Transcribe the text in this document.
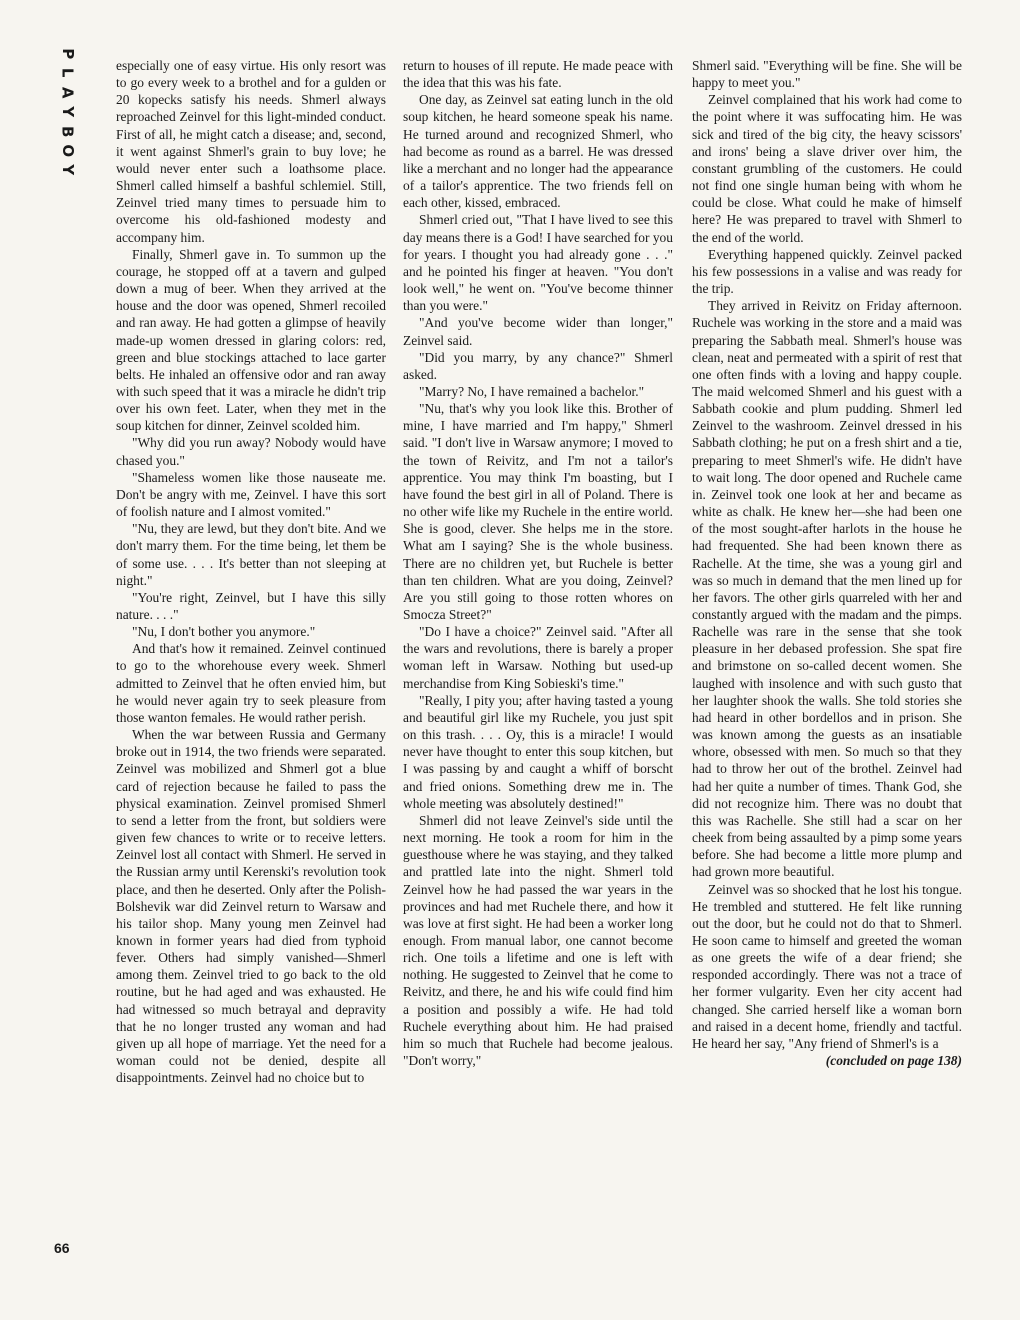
P
L
A
Y
B
O
Y

especially one of easy virtue. His only resort was to go every week to a brothel and for a gulden or 20 kopecks satisfy his needs. Shmerl always reproached Zeinvel for this light-minded conduct. First of all, he might catch a disease; and, second, it went against Shmerl's grain to buy love; he would never enter such a loathsome place. Shmerl called himself a bashful schlemiel. Still, Zeinvel tried many times to persuade him to overcome his old-fashioned modesty and accompany him.

Finally, Shmerl gave in. To summon up the courage, he stopped off at a tavern and gulped down a mug of beer. When they arrived at the house and the door was opened, Shmerl recoiled and ran away. He had gotten a glimpse of heavily made-up women dressed in glaring colors: red, green and blue stockings attached to lace garter belts. He inhaled an offensive odor and ran away with such speed that it was a miracle he didn't trip over his own feet. Later, when they met in the soup kitchen for dinner, Zeinvel scolded him.

"Why did you run away? Nobody would have chased you."

"Shameless women like those nauseate me. Don't be angry with me, Zeinvel. I have this sort of foolish nature and I almost vomited."

"Nu, they are lewd, but they don't bite. And we don't marry them. For the time being, let them be of some use. . . . It's better than not sleeping at night."

"You're right, Zeinvel, but I have this silly nature. . . ."

"Nu, I don't bother you anymore."

And that's how it remained. Zeinvel continued to go to the whorehouse every week. Shmerl admitted to Zeinvel that he often envied him, but he would never again try to seek pleasure from those wanton females. He would rather perish.

When the war between Russia and Germany broke out in 1914, the two friends were separated. Zeinvel was mobilized and Shmerl got a blue card of rejection because he failed to pass the physical examination. Zeinvel promised Shmerl to send a letter from the front, but soldiers were given few chances to write or to receive letters. Zeinvel lost all contact with Shmerl. He served in the Russian army until Kerenski's revolution took place, and then he deserted. Only after the Polish-Bolshevik war did Zeinvel return to Warsaw and his tailor shop. Many young men Zeinvel had known in former years had died from typhoid fever. Others had simply vanished—Shmerl among them. Zeinvel tried to go back to the old routine, but he had aged and was exhausted. He had witnessed so much betrayal and depravity that he no longer trusted any woman and had given up all hope of marriage. Yet the need for a woman could not be denied, despite all disappointments. Zeinvel had no choice but to

return to houses of ill repute. He made peace with the idea that this was his fate.

One day, as Zeinvel sat eating lunch in the old soup kitchen, he heard someone speak his name. He turned around and recognized Shmerl, who had become as round as a barrel. He was dressed like a merchant and no longer had the appearance of a tailor's apprentice. The two friends fell on each other, kissed, embraced.

Shmerl cried out, "That I have lived to see this day means there is a God! I have searched for you for years. I thought you had already gone . . ." and he pointed his finger at heaven. "You don't look well," he went on. "You've become thinner than you were."

"And you've become wider than longer," Zeinvel said.

"Did you marry, by any chance?" Shmerl asked.

"Marry? No, I have remained a bachelor."

"Nu, that's why you look like this. Brother of mine, I have married and I'm happy," Shmerl said. "I don't live in Warsaw anymore; I moved to the town of Reivitz, and I'm not a tailor's apprentice. You may think I'm boasting, but I have found the best girl in all of Poland. There is no other wife like my Ruchele in the entire world. She is good, clever. She helps me in the store. What am I saying? She is the whole business. There are no children yet, but Ruchele is better than ten children. What are you doing, Zeinvel? Are you still going to those rotten whores on Smocza Street?"

"Do I have a choice?" Zeinvel said. "After all the wars and revolutions, there is barely a proper woman left in Warsaw. Nothing but used-up merchandise from King Sobieski's time."

"Really, I pity you; after having tasted a young and beautiful girl like my Ruchele, you just spit on this trash. . . . Oy, this is a miracle! I would never have thought to enter this soup kitchen, but I was passing by and caught a whiff of borscht and fried onions. Something drew me in. The whole meeting was absolutely destined!"

Shmerl did not leave Zeinvel's side until the next morning. He took a room for him in the guesthouse where he was staying, and they talked and prattled late into the night. Shmerl told Zeinvel how he had passed the war years in the provinces and had met Ruchele there, and how it was love at first sight. He had been a worker long enough. From manual labor, one cannot become rich. One toils a lifetime and one is left with nothing. He suggested to Zeinvel that he come to Reivitz, and there, he and his wife could find him a position and possibly a wife. He had told Ruchele everything about him. He had praised him so much that Ruchele had become jealous. "Don't worry,"

Shmerl said. "Everything will be fine. She will be happy to meet you."

Zeinvel complained that his work had come to the point where it was suffocating him. He was sick and tired of the big city, the heavy scissors' and irons' being a slave driver over him, the constant grumbling of the customers. He could not find one single human being with whom he could be close. What could he make of himself here? He was prepared to travel with Shmerl to the end of the world.

Everything happened quickly. Zeinvel packed his few possessions in a valise and was ready for the trip.

They arrived in Reivitz on Friday afternoon. Ruchele was working in the store and a maid was preparing the Sabbath meal. Shmerl's house was clean, neat and permeated with a spirit of rest that one often finds with a loving and happy couple. The maid welcomed Shmerl and his guest with a Sabbath cookie and plum pudding. Shmerl led Zeinvel to the washroom. Zeinvel dressed in his Sabbath clothing; he put on a fresh shirt and a tie, preparing to meet Shmerl's wife. He didn't have to wait long. The door opened and Ruchele came in. Zeinvel took one look at her and became as white as chalk. He knew her—she had been one of the most sought-after harlots in the house he had frequented. She had been known there as Rachelle. At the time, she was a young girl and was so much in demand that the men lined up for her favors. The other girls quarreled with her and constantly argued with the madam and the pimps. Rachelle was rare in the sense that she took pleasure in her debased profession. She spat fire and brimstone on so-called decent women. She laughed with insolence and with such gusto that her laughter shook the walls. She told stories she had heard in other bordellos and in prison. She was known among the guests as an insatiable whore, obsessed with men. So much so that they had to throw her out of the brothel. Zeinvel had had her quite a number of times. Thank God, she did not recognize him. There was no doubt that this was Rachelle. She still had a scar on her cheek from being assaulted by a pimp some years before. She had become a little more plump and had grown more beautiful.

Zeinvel was so shocked that he lost his tongue. He trembled and stuttered. He felt like running out the door, but he could not do that to Shmerl. He soon came to himself and greeted the woman as one greets the wife of a dear friend; she responded accordingly. There was not a trace of her former vulgarity. Even her city accent had changed. She carried herself like a woman born and raised in a decent home, friendly and tactful. He heard her say, "Any friend of Shmerl's is a

(concluded on page 138)

66
